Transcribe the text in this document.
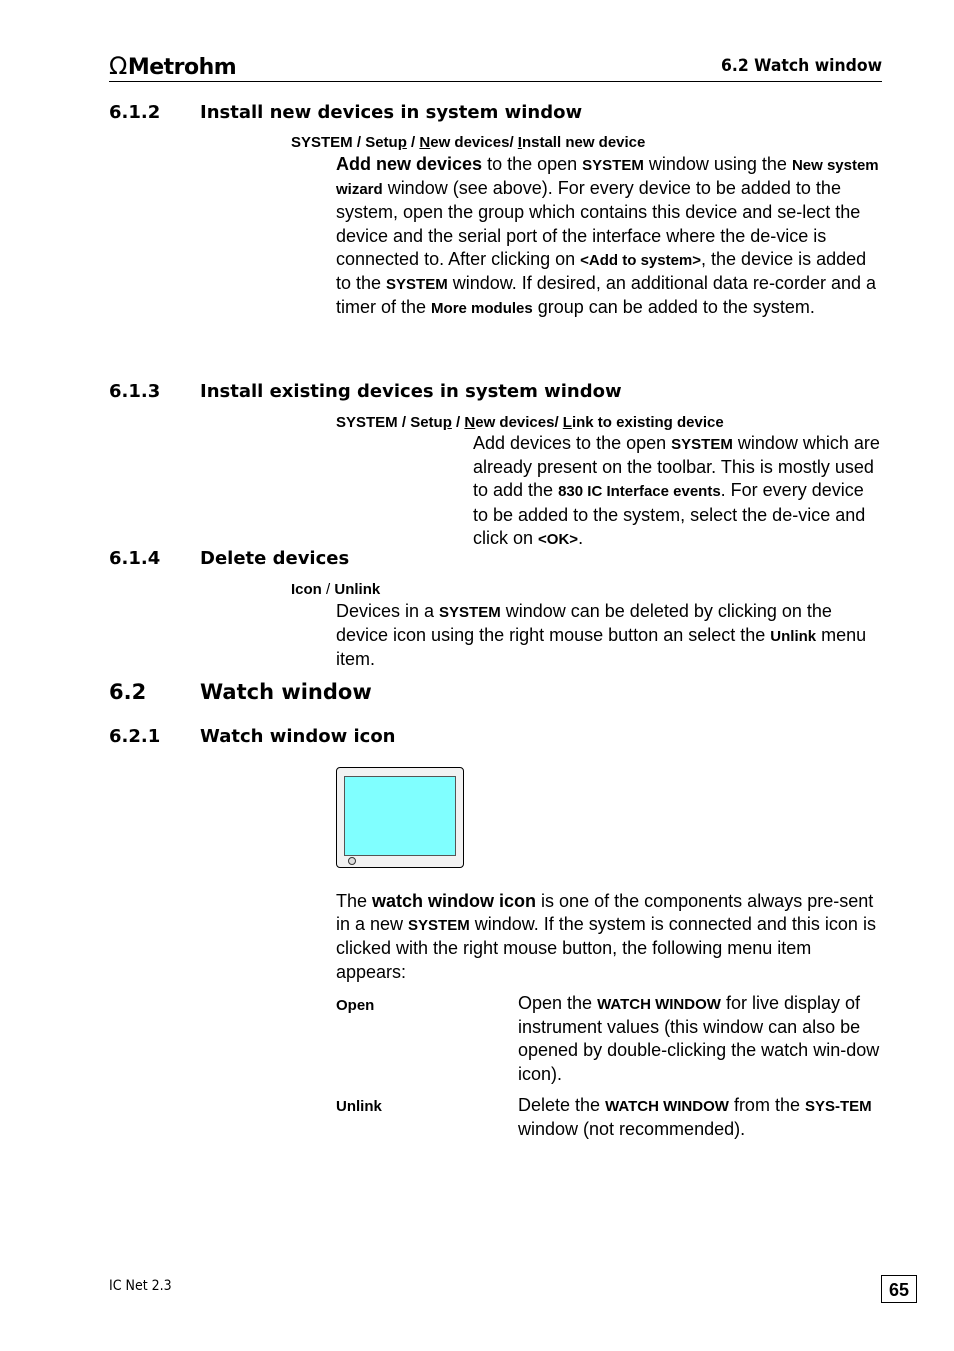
ΩMetrohm	6.2 Watch window
6.1.2 Install new devices in system window
SYSTEM / Setup / New devices/ Install new device

Add new devices to the open SYSTEM window using the New system wizard window (see above). For every device to be added to the system, open the group which contains this device and se-lect the device and the serial port of the interface where the de-vice is connected to. After clicking on <Add to system>, the device is added to the SYSTEM window. If desired, an additional data re-corder and a timer of the More modules group can be added to the system.

6.1.3 Install existing devices in system window
SYSTEM / Setup / New devices/ Link to existing device

Add devices to the open SYSTEM window which are already present on the toolbar. This is mostly used to add the 830 IC Interface events. For every device to be added to the system, select the de-vice and click on <OK>.

6.1.4 Delete devices
Icon / Unlink

Devices in a SYSTEM window can be deleted by clicking on the device icon using the right mouse button an select the Unlink menu item.

6.2	Watch window
6.2.1 Watch window icon

The watch window icon is one of the components always pre-sent in a new SYSTEM window. If the system is connected and this icon is clicked with the right mouse button, the following menu item appears:

Open	Open the WATCH WINDOW for live display of instrument values (this window can also be opened by double-clicking the watch win-dow icon).

Unlink	Delete the WATCH WINDOW from the SYS-TEM window (not recommended).

IC Net 2.3	65
